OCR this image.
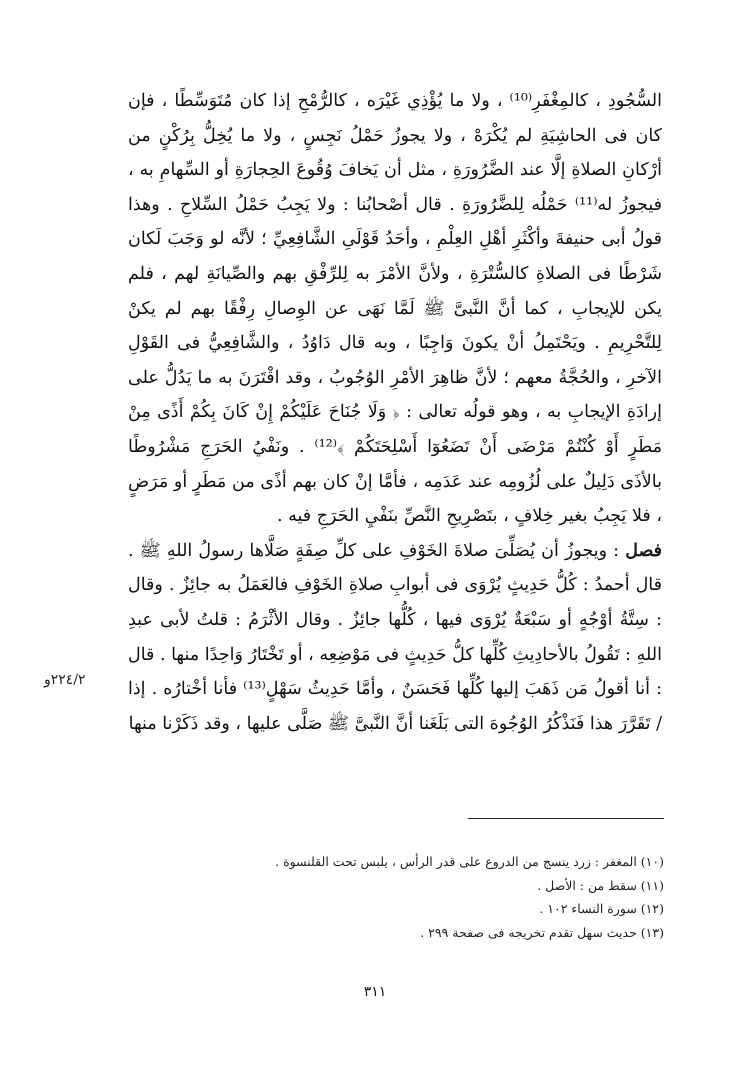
السُّجُودِ ، كالمِغْفَرِ⁽¹⁰⁾ ، ولا ما يُؤْذِي غَيْرَه ، كالرُّمْحِ إذا كان مُتَوَسِّطًا ، فإن كان فى الحاشِيَةِ لم يُكْرَهْ ، ولا يجوزُ حَمْلُ نَجِسٍ ، ولا ما يُخِلُّ بِرُكْنٍ من أرْكانِ الصلاةِ إلَّا عند الضَّرُورَةِ ، مثل أن يَخافَ وُقُوعَ الحِجارَةِ أو السِّهامِ به ، فيجوزُ له⁽¹¹⁾ حَمْلُه لِلضَّرُورَةِ . قال أصْحابُنا : ولا يَجِبُ حَمْلُ السِّلاحِ . وهذا قولُ أبى حنيفةَ وأكْثَرِ أهْلِ العِلْمِ ، وأحَدُ قَوْلَىِ الشَّافِعِيِّ ؛ لأنَّه لو وَجَبَ لَكان شَرْطًا فى الصلاةِ كالسُّتْرَةِ ، ولأنَّ الأمْرَ به لِلرِّفْقِ بهم والصِّيانَةِ لهم ، فلم يكن للإيجابِ ، كما أنَّ النَّبىَّ ﷺ لَمَّا نَهَى عن الوِصالِ رِفْقًا بهم لم يكنْ لِلتَّحْرِيمِ . ويَحْتَمِلُ أنْ يكونَ وَاجِبًا ، وبه قال دَاوُدُ ، والشَّافِعِيُّ فى القَوْلِ الآخرِ ، والحُجَّةُ معهم ؛ لأنَّ ظاهِرَ الأمْرِ الوُجُوبُ ، وقد اقْتَرَنَ به ما يَدُلُّ على إرادَةِ الإيجابِ به ، وهو قولُه تعالى : ﴿ وَلَا جُنَاحَ عَلَيْكُمْ إِنْ كَانَ بِكُمْ أَذًى مِنْ مَطَرٍ أَوْ كُنْتُمْ مَرْضَى أَنْ تَضَعُوٓا أَسْلِحَتَكُمْ ﴾⁽¹²⁾ . ونَفْيُ الحَرَجِ مَشْرُوطًا بالأذَى دَلِيلٌ على لُزُومِه عند عَدَمِه ، فأمَّا إنْ كان بهم أذًى من مَطَرٍ أو مَرَضٍ ، فلا يَجِبُ بغير خِلافٍ ، بتَصْرِيحِ النَّصِّ بنَفْيِ الحَرَجِ فيه .

فصل : ويجوزُ أن يُصَلِّىَ صلاةَ الخَوْفِ على كلِّ صِفَةٍ صَلَّاها رسولُ اللهِ ﷺ . قال أحمدُ : كُلُّ حَدِيثٍ يُرْوَى فى أبوابِ صلاةِ الخَوْفِ فالعَمَلُ به جائِزٌ . وقال : سِتَّةُ أوْجُهٍ أو سَبْعَةٌ يُرْوَى فيها ، كُلُّها جائِزٌ . وقال الأثْرَمُ : قلتُ لأبى عبدِ اللهِ : تَقُولُ بالأحادِيثِ كُلِّها كلُّ حَدِيثٍ فى مَوْضِعِه ، أو تَخْتَارُ وَاحِدًا منها . قال : أنا أقولُ مَن ذَهَبَ إليها كُلِّها فَحَسَنٌ ، وأمَّا حَدِيثُ سَهْلٍ⁽¹³⁾ فأنا أخْتارُه . إذا / تَقَرَّرَ هذا فَنَذْكُرُ الوُجُوهَ التى بَلَغَنا أنَّ النَّبىَّ ﷺ صَلَّى عليها ، وقد ذَكَرْنا منها

٢٢٤/٢و
(١٠) المغفر : زرد ينسج من الدروع على قدر الرأس ، يلبس تحت القلنسوة .
(١١) سقط من : الأصل .
(١٢) سورة النساء ١٠٢ .
(١٣) حديث سهل تقدم تخريجه فى صفحة ٢٩٩ .
٣١١
